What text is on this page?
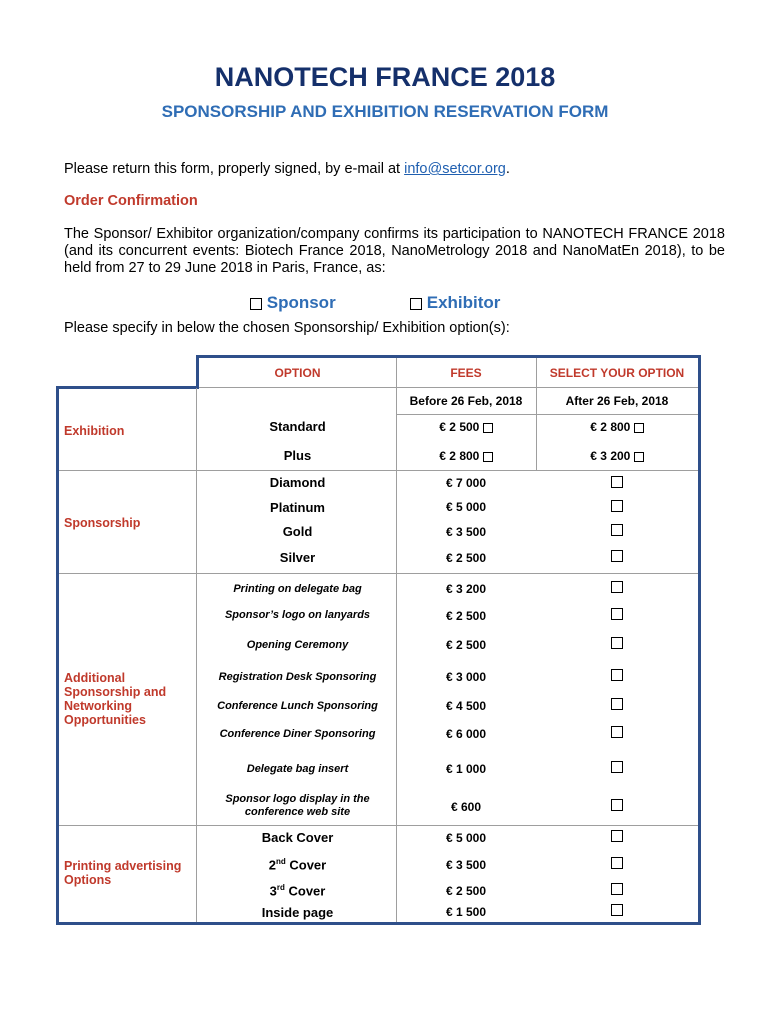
NANOTECH FRANCE 2018
SPONSORSHIP AND EXHIBITION RESERVATION FORM
Please return this form, properly signed, by e-mail at info@setcor.org.
Order Confirmation
The Sponsor/ Exhibitor organization/company confirms its participation to NANOTECH FRANCE 2018 (and its concurrent events: Biotech France 2018, NanoMetrology 2018 and NanoMatEn 2018), to be held from 27 to 29 June 2018 in Paris, France, as:
Sponsor	Exhibitor
Please specify in below the chosen Sponsorship/ Exhibition option(s):
OPTION	FEES	SELECT YOUR OPTION
Before 26 Feb, 2018	After 26 Feb, 2018
Exhibition	Standard	€ 2 500	€ 2 800
Plus	€ 2 800	€ 3 200
Sponsorship
Diamond	€ 7 000
Platinum	€ 5 000
Gold	€ 3 500
Silver	€ 2 500
Additional Sponsorship and Networking Opportunities
Printing on delegate bag	€ 3 200
Sponsor’s logo on lanyards	€ 2 500
Opening Ceremony	€ 2 500
Registration Desk Sponsoring	€ 3 000
Conference Lunch Sponsoring	€ 4 500
Conference Diner Sponsoring	€ 6 000
Delegate bag insert	€ 1 000
Sponsor logo display in the conference web site	€ 600
Printing advertising Options
Back Cover	€ 5 000
2nd Cover	€ 3 500
3rd Cover	€ 2 500
Inside page	€ 1 500
